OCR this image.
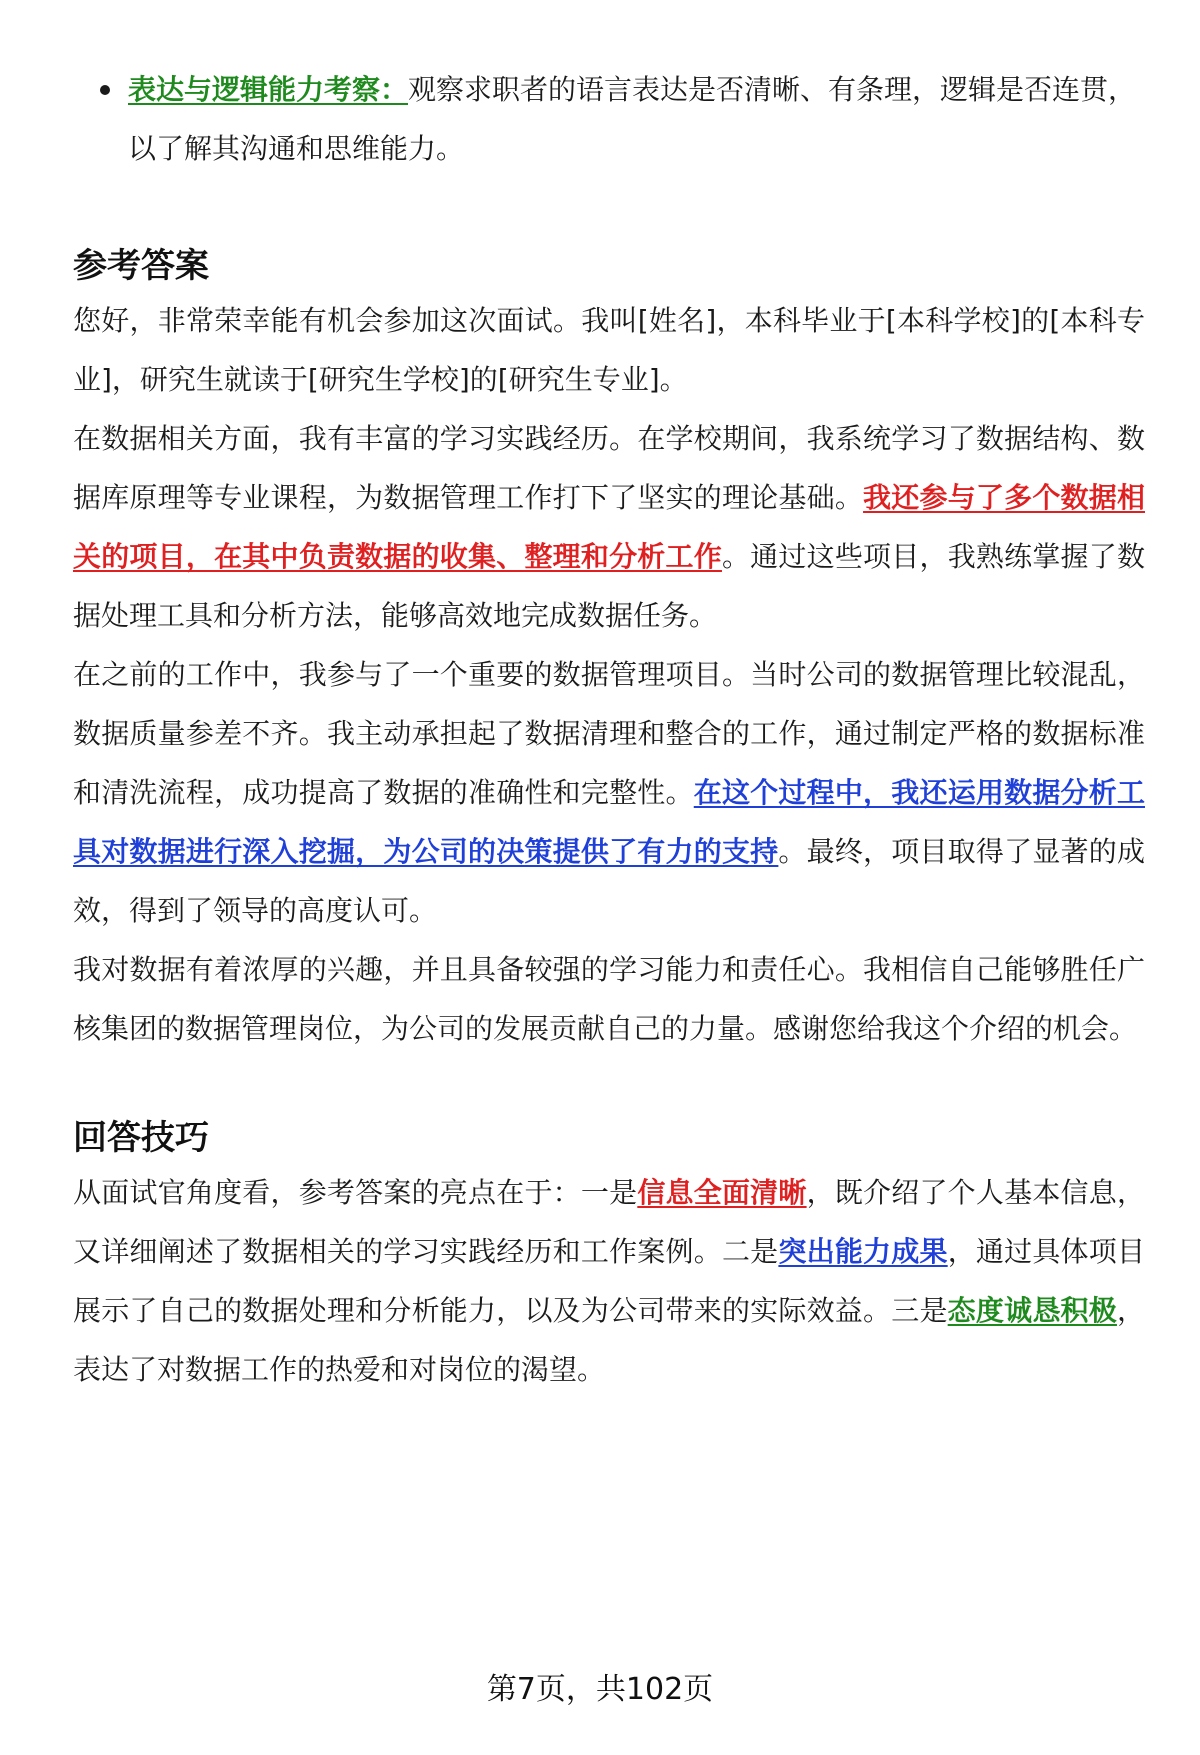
表达与逻辑能力考察：观察求职者的语言表达是否清晰、有条理，逻辑是否连贯，以了解其沟通和思维能力。
参考答案

您好，非常荣幸能有机会参加这次面试。我叫[姓名]，本科毕业于[本科学校]的[本科专业]，研究生就读于[研究生学校]的[研究生专业]。

在数据相关方面，我有丰富的学习实践经历。在学校期间，我系统学习了数据结构、数据库原理等专业课程，为数据管理工作打下了坚实的理论基础。我还参与了多个数据相关的项目，在其中负责数据的收集、整理和分析工作。通过这些项目，我熟练掌握了数据处理工具和分析方法，能够高效地完成数据任务。

在之前的工作中，我参与了一个重要的数据管理项目。当时公司的数据管理比较混乱，数据质量参差不齐。我主动承担起了数据清理和整合的工作，通过制定严格的数据标准和清洗流程，成功提高了数据的准确性和完整性。在这个过程中，我还运用数据分析工具对数据进行深入挖掘，为公司的决策提供了有力的支持。最终，项目取得了显著的成效，得到了领导的高度认可。

我对数据有着浓厚的兴趣，并且具备较强的学习能力和责任心。我相信自己能够胜任广核集团的数据管理岗位，为公司的发展贡献自己的力量。感谢您给我这个介绍的机会。

回答技巧

从面试官角度看，参考答案的亮点在于：一是信息全面清晰，既介绍了个人基本信息，又详细阐述了数据相关的学习实践经历和工作案例。二是突出能力成果，通过具体项目展示了自己的数据处理和分析能力，以及为公司带来的实际效益。三是态度诚恳积极，表达了对数据工作的热爱和对岗位的渴望。

第7页，共102页
